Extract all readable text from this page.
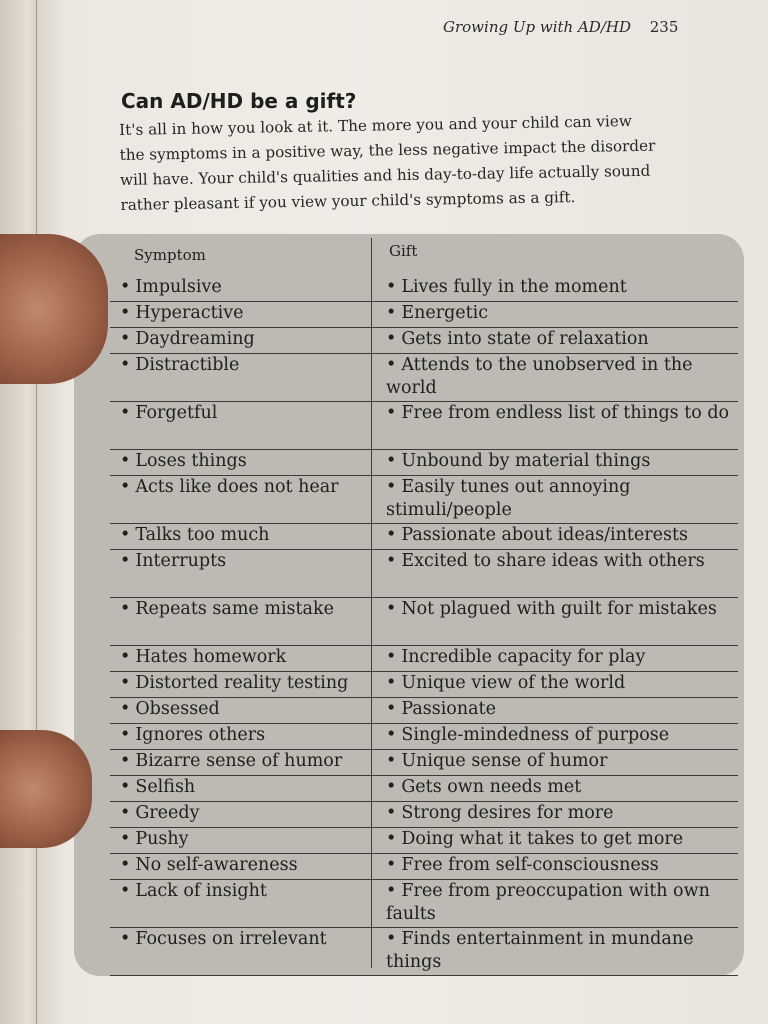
Growing Up with AD/HD 235
Can AD/HD be a gift?
It's all in how you look at it. The more you and your child can view
the symptoms in a positive way, the less negative impact the disorder
will have. Your child's qualities and his day-to-day life actually sound
rather pleasant if you view your child's symptoms as a gift.
Symptom	Gift
• Impulsive	• Lives fully in the moment
• Hyperactive	• Energetic
• Daydreaming	• Gets into state of relaxation
• Distractible	• Attends to the unobserved in the world
• Forgetful	• Free from endless list of things to do
• Loses things	• Unbound by material things
• Acts like does not hear	• Easily tunes out annoying stimuli/people
• Talks too much	• Passionate about ideas/interests
• Interrupts	• Excited to share ideas with others
• Repeats same mistake	• Not plagued with guilt for mistakes
• Hates homework	• Incredible capacity for play
• Distorted reality testing	• Unique view of the world
• Obsessed	• Passionate
• Ignores others	• Single-mindedness of purpose
• Bizarre sense of humor	• Unique sense of humor
• Selfish	• Gets own needs met
• Greedy	• Strong desires for more
• Pushy	• Doing what it takes to get more
• No self-awareness	• Free from self-consciousness
• Lack of insight	• Free from preoccupation with own faults
• Focuses on irrelevant	• Finds entertainment in mundane things
